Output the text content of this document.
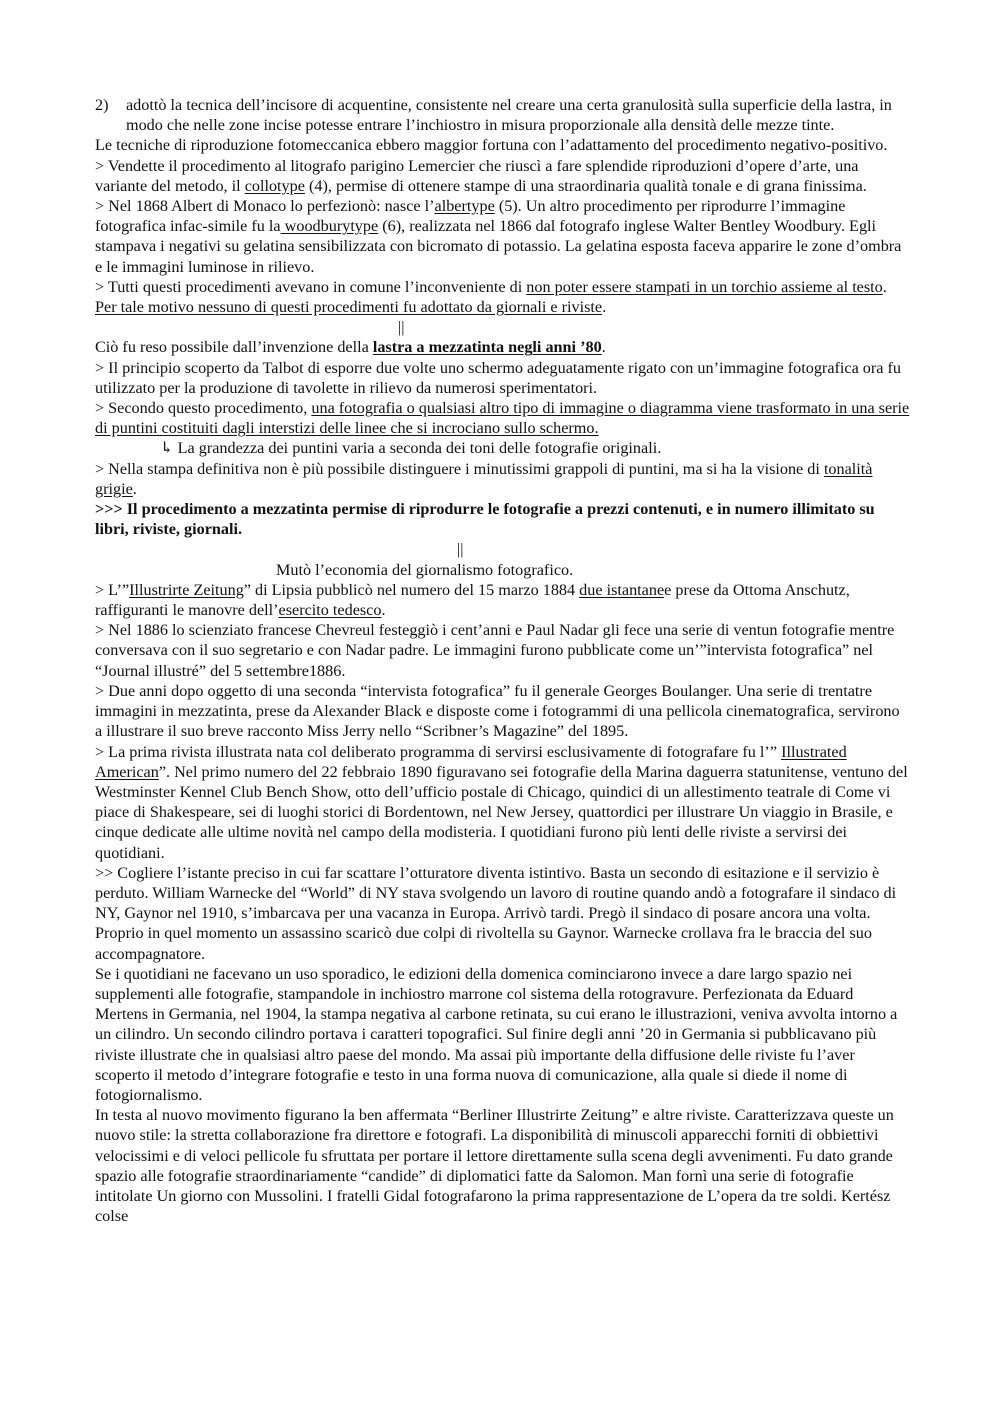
2)	adottò la tecnica dell’incisore di acquentine, consistente nel creare una certa granulosità sulla superficie della lastra, in modo che nelle zone incise potesse entrare l’inchiostro in misura proporzionale alla densità delle mezze tinte.

Le tecniche di riproduzione fotomeccanica ebbero maggior fortuna con l’adattamento del procedimento negativo-positivo.

> Vendette il procedimento al litografo parigino Lemercier che riuscì a fare splendide riproduzioni d’opere d’arte, una variante del metodo, il collotype (4), permise di ottenere stampe di una straordinaria qualità tonale e di grana finissima.

> Nel 1868 Albert di Monaco lo perfezionò: nasce l’albertype (5). Un altro procedimento per riprodurre l’immagine fotografica infac-simile fu la woodburytype (6), realizzata nel 1866 dal fotografo inglese Walter Bentley Woodbury. Egli stampava i negativi su gelatina sensibilizzata con bicromato di potassio. La gelatina esposta faceva apparire le zone d’ombra e le immagini luminose in rilievo.

> Tutti questi procedimenti avevano in comune l’inconveniente di non poter essere stampati in un torchio assieme al testo. Per tale motivo nessuno di questi procedimenti fu adottato da giornali e riviste.

||

Ciò fu reso possibile dall’invenzione della lastra a mezzatinta negli anni ’80.

> Il principio scoperto da Talbot di esporre due volte uno schermo adeguatamente rigato con un’immagine fotografica ora fu utilizzato per la produzione di tavolette in rilievo da numerosi sperimentatori.

> Secondo questo procedimento, una fotografia o qualsiasi altro tipo di immagine o diagramma viene trasformato in una serie di puntini costituiti dagli interstizi delle linee che si incrociano sullo schermo.

↳ La grandezza dei puntini varia a seconda dei toni delle fotografie originali.

> Nella stampa definitiva non è più possibile distinguere i minutissimi grappoli di puntini, ma si ha la visione di tonalità grigie.

>>> Il procedimento a mezzatinta permise di riprodurre le fotografie a prezzi contenuti, e in numero illimitato su libri, riviste, giornali.

||

Mutò l’economia del giornalismo fotografico.

> L’”Illustrirte Zeitung” di Lipsia pubblicò nel numero del 15 marzo 1884 due istantanee prese da Ottoma Anschutz, raffiguranti le manovre dell’esercito tedesco.

> Nel 1886 lo scienziato francese Chevreul festeggiò i cent’anni e Paul Nadar gli fece una serie di ventun fotografie mentre conversava con il suo segretario e con Nadar padre. Le immagini furono pubblicate come un’”intervista fotografica” nel “Journal illustré” del 5 settembre1886.

> Due anni dopo oggetto di una seconda “intervista fotografica” fu il generale Georges Boulanger. Una serie di trentatre immagini in mezzatinta, prese da Alexander Black e disposte come i fotogrammi di una pellicola cinematografica, servirono a illustrare il suo breve racconto Miss Jerry nello “Scribner’s Magazine” del 1895.

> La prima rivista illustrata nata col deliberato programma di servirsi esclusivamente di fotografare fu l’” Illustrated American”. Nel primo numero del 22 febbraio 1890 figuravano sei fotografie della Marina daguerra statunitense, ventuno del Westminster Kennel Club Bench Show, otto dell’ufficio postale di Chicago, quindici di un allestimento teatrale di Come vi piace di Shakespeare, sei di luoghi storici di Bordentown, nel New Jersey, quattordici per illustrare Un viaggio in Brasile, e cinque dedicate alle ultime novità nel campo della modisteria. I quotidiani furono più lenti delle riviste a servirsi dei quotidiani.

>> Cogliere l’istante preciso in cui far scattare l’otturatore diventa istintivo. Basta un secondo di esitazione e il servizio è perduto. William Warnecke del “World” di NY stava svolgendo un lavoro di routine quando andò a fotografare il sindaco di NY, Gaynor nel 1910, s’imbarcava per una vacanza in Europa. Arrivò tardi. Pregò il sindaco di posare ancora una volta. Proprio in quel momento un assassino scaricò due colpi di rivoltella su Gaynor. Warnecke crollava fra le braccia del suo accompagnatore.

Se i quotidiani ne facevano un uso sporadico, le edizioni della domenica cominciarono invece a dare largo spazio nei supplementi alle fotografie, stampandole in inchiostro marrone col sistema della rotogravure. Perfezionata da Eduard Mertens in Germania, nel 1904, la stampa negativa al carbone retinata, su cui erano le illustrazioni, veniva avvolta intorno a un cilindro. Un secondo cilindro portava i caratteri topografici. Sul finire degli anni ’20 in Germania si pubblicavano più riviste illustrate che in qualsiasi altro paese del mondo. Ma assai più importante della diffusione delle riviste fu l’aver scoperto il metodo d’integrare fotografie e testo in una forma nuova di comunicazione, alla quale si diede il nome di fotogiornalismo.

In testa al nuovo movimento figurano la ben affermata “Berliner Illustrirte Zeitung” e altre riviste. Caratterizzava queste un nuovo stile: la stretta collaborazione fra direttore e fotografi. La disponibilità di minuscoli apparecchi forniti di obbiettivi velocissimi e di veloci pellicole fu sfruttata per portare il lettore direttamente sulla scena degli avvenimenti. Fu dato grande spazio alle fotografie straordinariamente “candide” di diplomatici fatte da Salomon. Man fornì una serie di fotografie intitolate Un giorno con Mussolini. I fratelli Gidal fotografarono la prima rappresentazione de L’opera da tre soldi. Kertész colse
